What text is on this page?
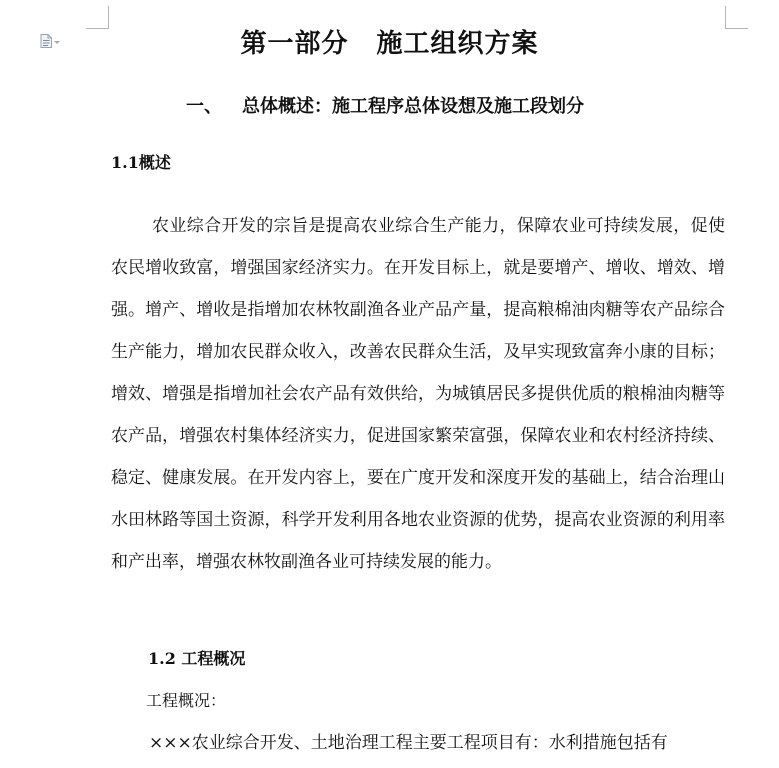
第一部分 施工组织方案
一、 总体概述：施工程序总体设想及施工段划分
1.1概述

农业综合开发的宗旨是提高农业综合生产能力，保障农业可持续发展，促使农民增收致富，增强国家经济实力。在开发目标上，就是要增产、增收、增效、增强。增产、增收是指增加农林牧副渔各业产品产量，提高粮棉油肉糖等农产品综合生产能力，增加农民群众收入，改善农民群众生活，及早实现致富奔小康的目标；增效、增强是指增加社会农产品有效供给，为城镇居民多提供优质的粮棉油肉糖等农产品，增强农村集体经济实力，促进国家繁荣富强，保障农业和农村经济持续、稳定、健康发展。在开发内容上，要在广度开发和深度开发的基础上，结合治理山水田林路等国土资源，科学开发利用各地农业资源的优势，提高农业资源的利用率和产出率，增强农林牧副渔各业可持续发展的能力。

1.2 工程概况

工程概况：

×××农业综合开发、土地治理工程主要工程项目有：水利措施包括有
